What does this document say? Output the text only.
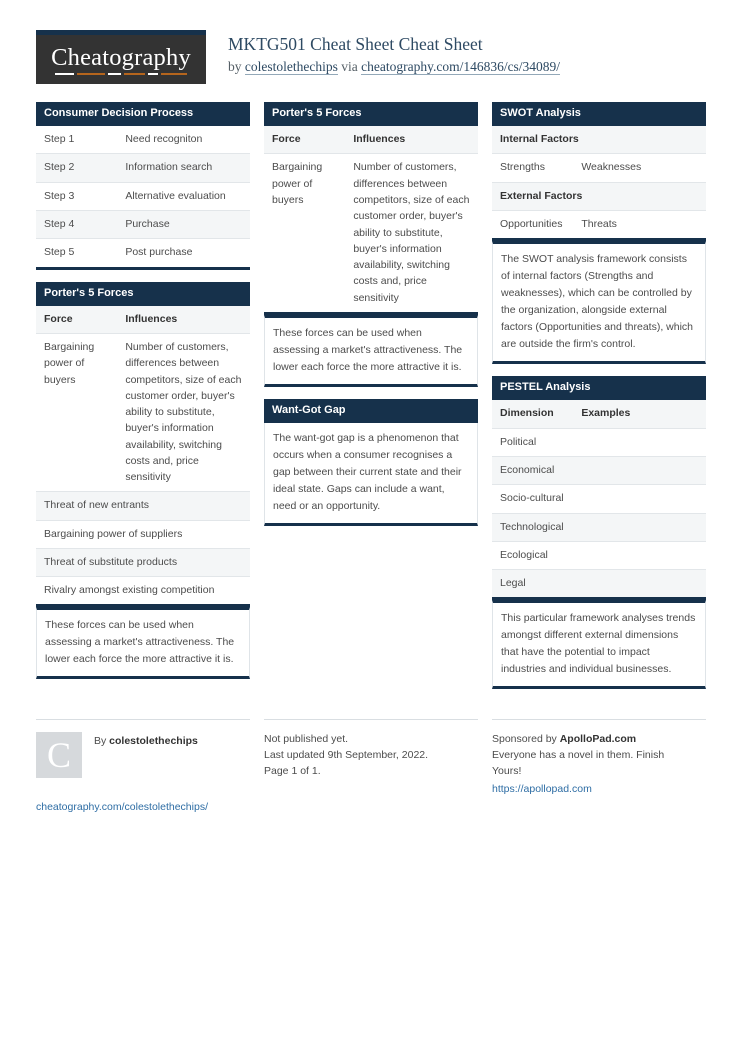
Cheatography MKTG501 Cheat Sheet Cheat Sheet
by colestolethechips via cheatography.com/146836/cs/34089/
Consumer Decision Process
Step 1	Need recogniton
Step 2	Information search
Step 3	Alternative evaluation
Step 4	Purchase
Step 5	Post purchase
Porter's 5 Forces
Force	Influences
Bargaining power of buyers	Number of customers, differences between competitors, size of each customer order, buyer's ability to substitute, buyer's information availability, switching costs and, price sensitivity
Threat of new entrants	
Bargaining power of suppliers	
Threat of substitute products	
Rivalry amongst existing competition	
These forces can be used when assessing a market's attractiveness. The lower each force the more attractive it is.
Porter's 5 Forces
Force	Influences
Bargaining power of buyers	Number of customers, differences between competitors, size of each customer order, buyer's ability to substitute, buyer's information availability, switching costs and, price sensitivity
These forces can be used when assessing a market's attractiveness. The lower each force the more attractive it is.
Want-Got Gap
The want-got gap is a phenomenon that occurs when a consumer recognises a gap between their current state and their ideal state. Gaps can include a want, need or an opportunity.
SWOT Analysis
Internal Factors	
Strengths	Weaknesses
External Factors	
Opportunities	Threats
The SWOT analysis framework consists of internal factors (Strengths and weaknesses), which can be controlled by the organization, alongside external factors (Opportunities and threats), which are outside the firm's control.
PESTEL Analysis
Dimension	Examples
Political
Economical
Socio-cultural
Technological
Ecological
Legal
This particular framework analyses trends amongst different external dimensions that have the potential to impact industries and individual businesses.
C	By colestolethechips
cheatography.com/colestolethechips/
Not published yet.
Last updated 9th September, 2022.
Page 1 of 1.
Sponsored by ApolloPad.com
Everyone has a novel in them. Finish
Yours!
https://apollopad.com
